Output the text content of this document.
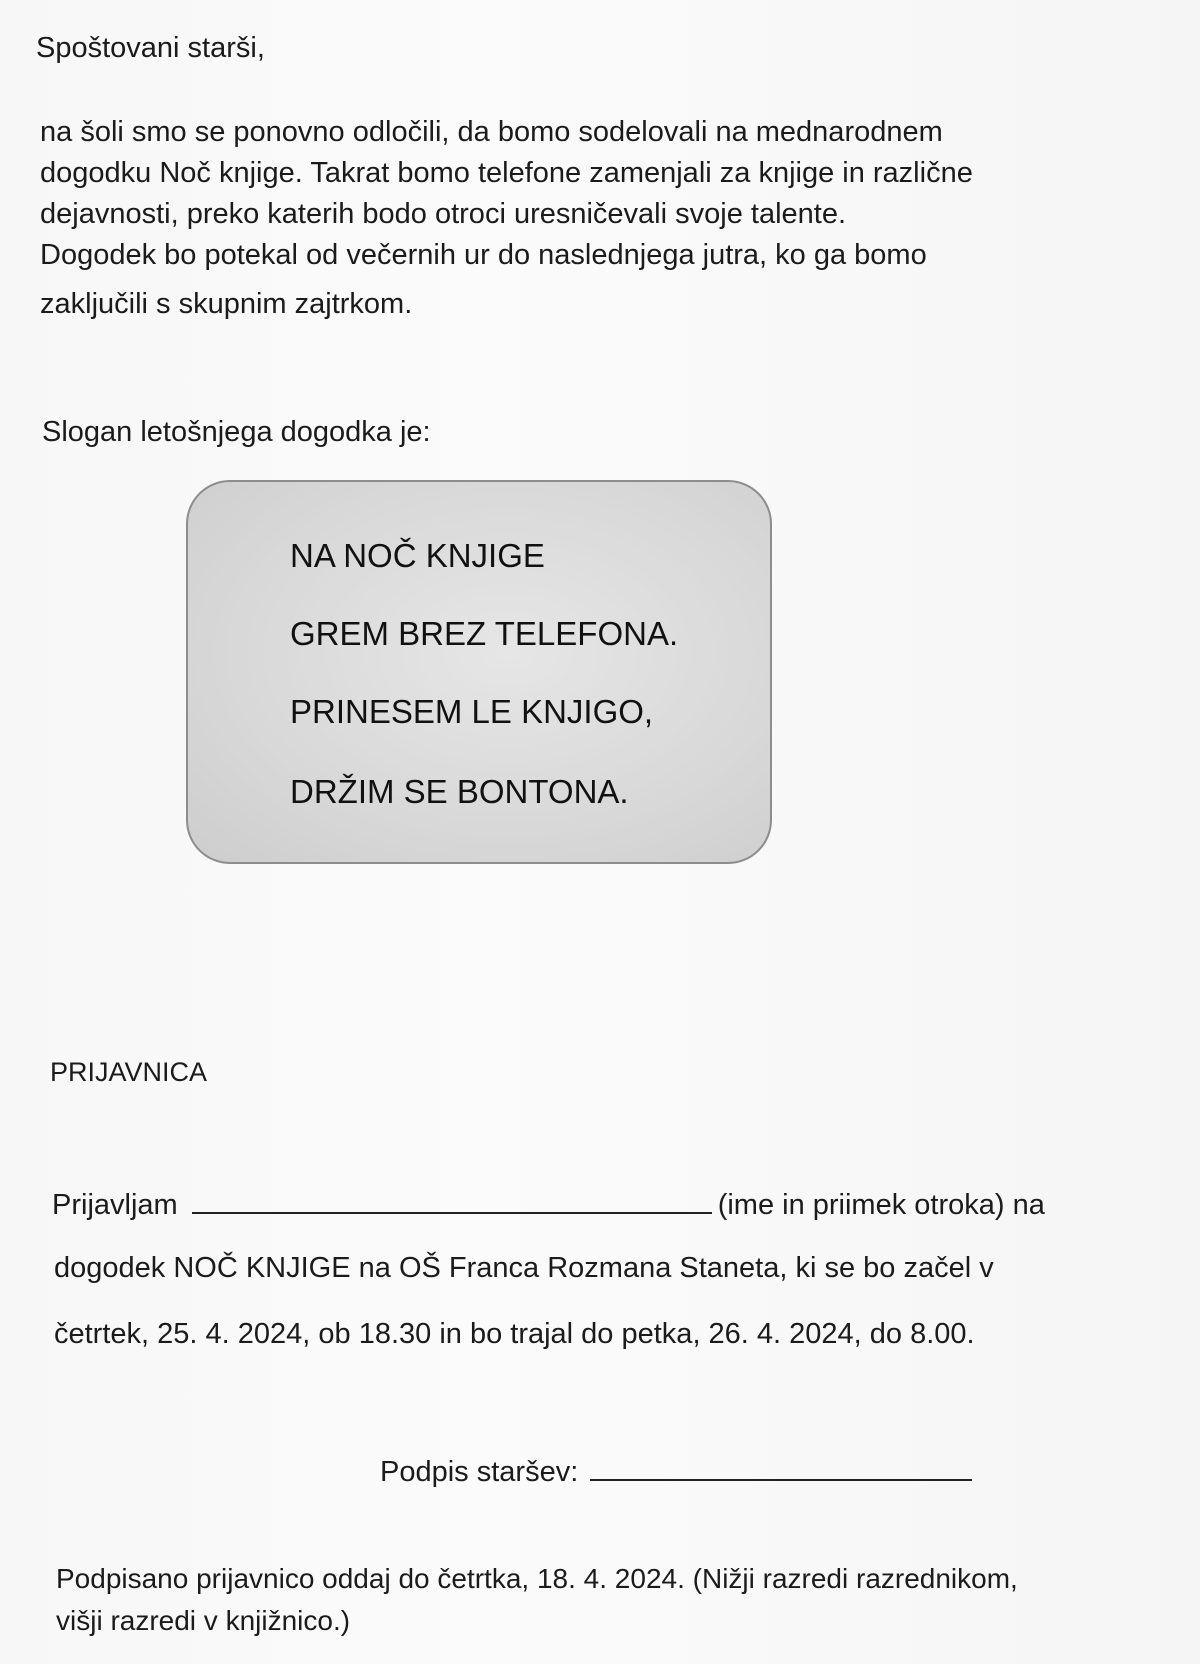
Spoštovani starši,
na šoli smo se ponovno odločili, da bomo sodelovali na mednarodnem
dogodku Noč knjige. Takrat bomo telefone zamenjali za knjige in različne
dejavnosti, preko katerih bodo otroci uresničevali svoje talente.
Dogodek bo potekal od večernih ur do naslednjega jutra, ko ga bomo
zaključili s skupnim zajtrkom.
Slogan letošnjega dogodka je:
NA NOČ KNJIGE
GREM BREZ TELEFONA.
PRINESEM LE KNJIGO,
DRŽIM SE BONTONA.
PRIJAVNICA
Prijavljam	(ime in priimek otroka) na
dogodek NOČ KNJIGE na OŠ Franca Rozmana Staneta, ki se bo začel v
četrtek, 25. 4. 2024, ob 18.30 in bo trajal do petka, 26. 4. 2024, do 8.00.
Podpis staršev:
Podpisano prijavnico oddaj do četrtka, 18. 4. 2024. (Nižji razredi razrednikom,
višji razredi v knjižnico.)
